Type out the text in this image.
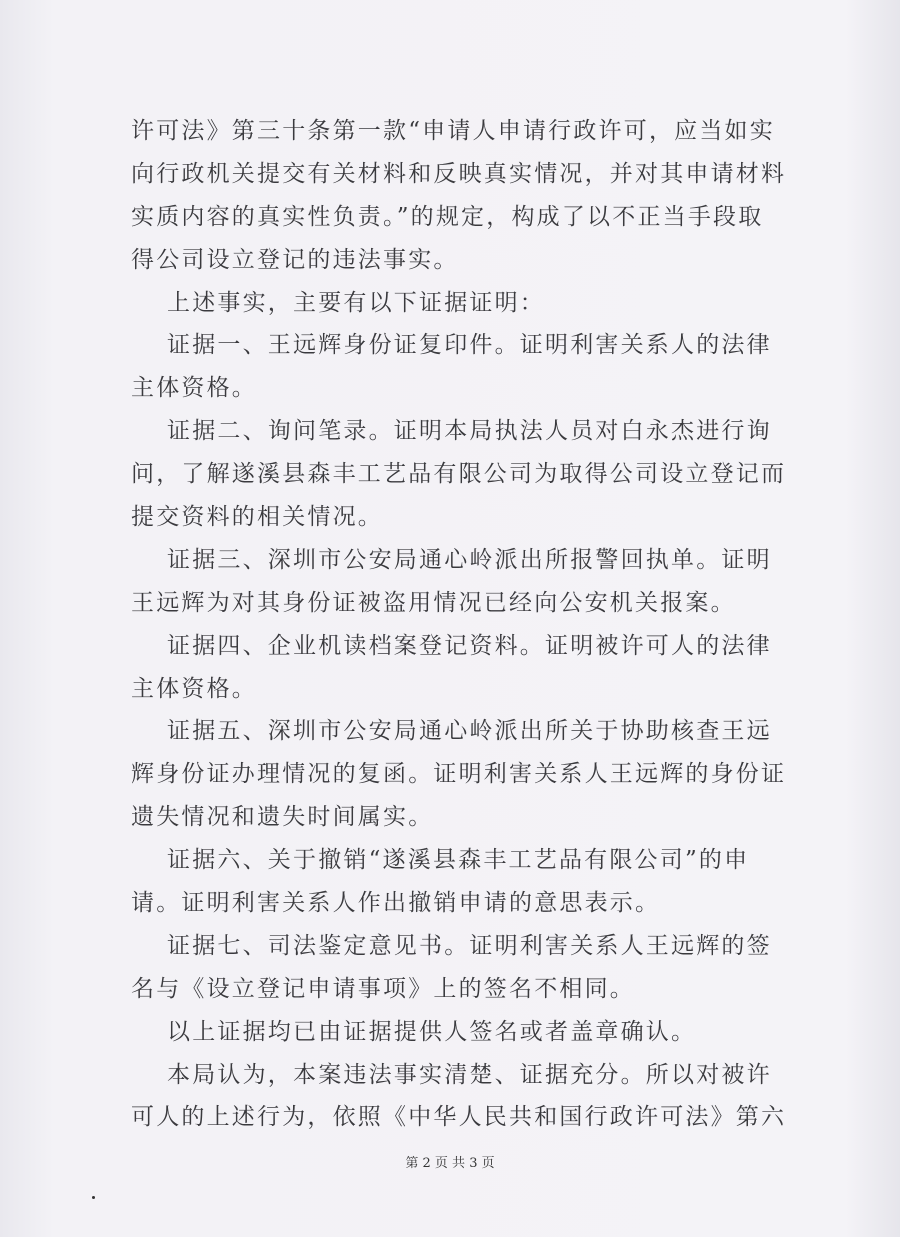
许可法》第三十条第一款“申请人申请行政许可，应当如实
向行政机关提交有关材料和反映真实情况，并对其申请材料
实质内容的真实性负责。”的规定，构成了以不正当手段取
得公司设立登记的违法事实。
上述事实，主要有以下证据证明：
证据一、王远辉身份证复印件。证明利害关系人的法律
主体资格。
证据二、询问笔录。证明本局执法人员对白永杰进行询
问，了解遂溪县森丰工艺品有限公司为取得公司设立登记而
提交资料的相关情况。
证据三、深圳市公安局通心岭派出所报警回执单。证明
王远辉为对其身份证被盗用情况已经向公安机关报案。
证据四、企业机读档案登记资料。证明被许可人的法律
主体资格。
证据五、深圳市公安局通心岭派出所关于协助核查王远
辉身份证办理情况的复函。证明利害关系人王远辉的身份证
遗失情况和遗失时间属实。
证据六、关于撤销“遂溪县森丰工艺品有限公司”的申
请。证明利害关系人作出撤销申请的意思表示。
证据七、司法鉴定意见书。证明利害关系人王远辉的签
名与《设立登记申请事项》上的签名不相同。
以上证据均已由证据提供人签名或者盖章确认。
本局认为，本案违法事实清楚、证据充分。所以对被许
可人的上述行为，依照《中华人民共和国行政许可法》第六
第 2 页 共 3 页
